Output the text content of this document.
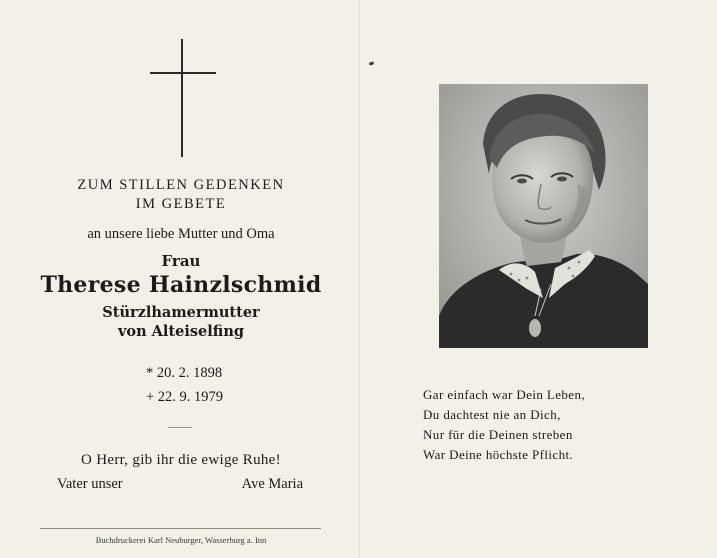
ZUM STILLEN GEDENKEN
IM GEBETE
an unsere liebe Mutter und Oma
Frau
Therese Hainzlschmid
Stürzlhamermutter
von Alteiselfing
* 20. 2. 1898
+ 22. 9. 1979
O Herr, gib ihr die ewige Ruhe!
Vater unser	Ave Maria
Buchdruckerei Karl Neuburger, Wasserburg a. Inn
Gar einfach war Dein Leben,
Du dachtest nie an Dich,
Nur für die Deinen streben
War Deine höchste Pflicht.
